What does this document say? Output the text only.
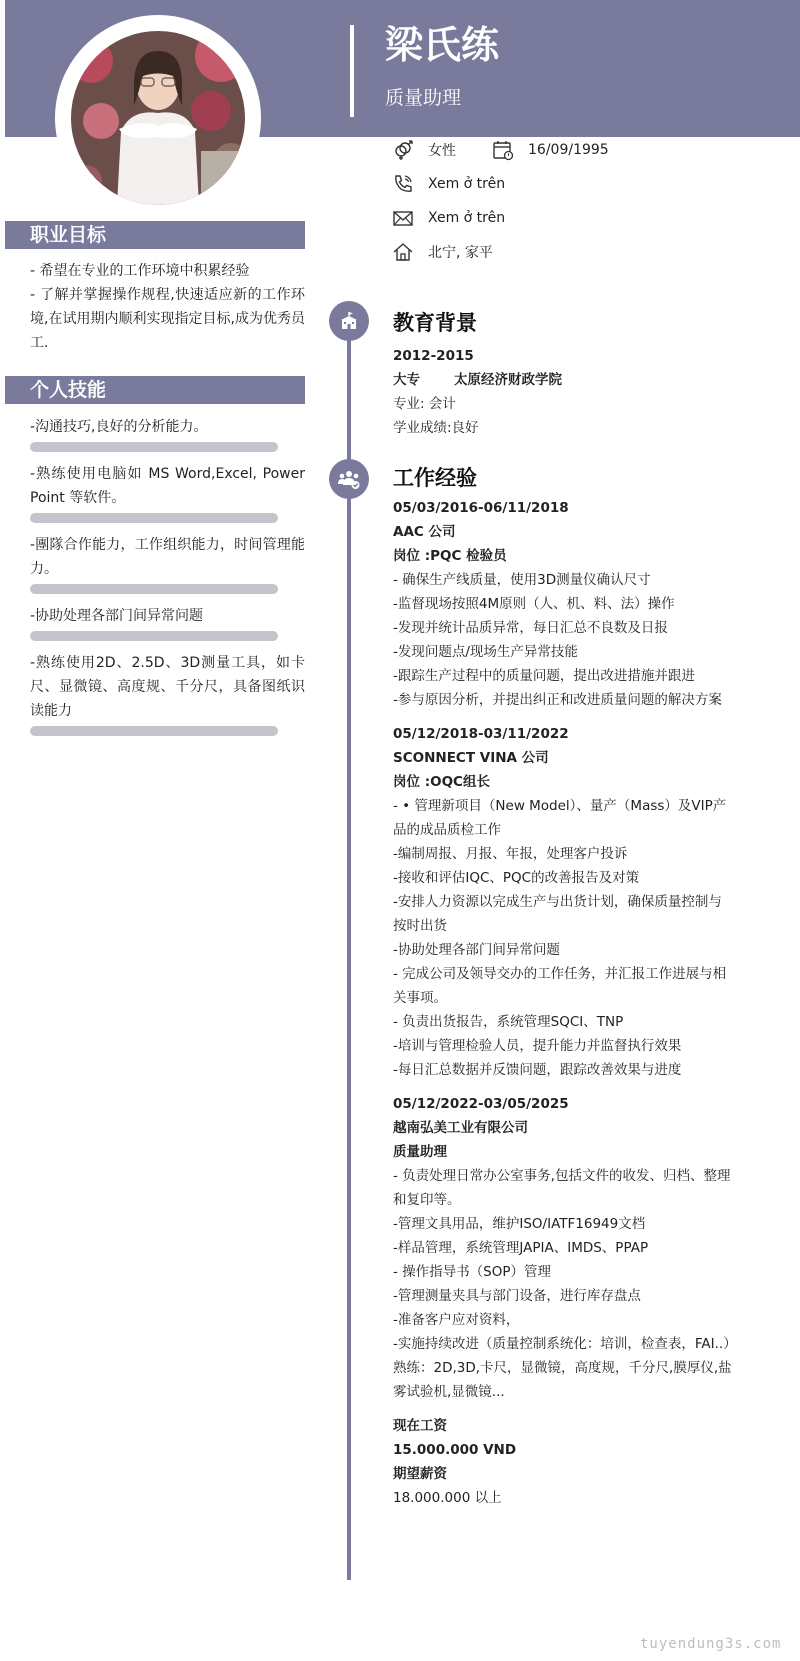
梁氏练
质量助理
女性	16/09/1995
Xem ở trên
Xem ở trên
北宁, 家平
职业目标
- 希望在专业的工作环境中积累经验
- 了解并掌握操作规程,快速适应新的工作环境,在试用期内顺利实现指定目标,成为优秀员工.
个人技能
-沟通技巧,良好的分析能力。
-熟练使用电脑如 MS Word,Excel, Power Point 等软件。
-團隊合作能力，工作组织能力，时间管理能力。
-协助处理各部门间异常问题
-熟练使用2D、2.5D、3D测量工具，如卡尺、显微镜、高度规、千分尺，具备图纸识读能力
教育背景
2012-2015
大专	太原经济财政学院
专业: 会计
学业成绩:良好
工作经验
05/03/2016-06/11/2018
AAC 公司
岗位 :PQC 检验员
- 确保生产线质量，使用3D测量仪确认尺寸
-监督现场按照4M原则（人、机、料、法）操作
-发现并统计品质异常，每日汇总不良数及日报
-发现问题点/现场生产异常技能
-跟踪生产过程中的质量问题，提出改进措施并跟进
-参与原因分析，并提出纠正和改进质量问题的解决方案
05/12/2018-03/11/2022
SCONNECT VINA 公司
岗位 :OQC组长
- • 管理新项目（New Model）、量产（Mass）及VIP产品的成品质检工作
-编制周报、月报、年报，处理客户投诉
-接收和评估IQC、PQC的改善报告及对策
-安排人力资源以完成生产与出货计划，确保质量控制与按时出货
-协助处理各部门间异常问题
- 完成公司及领导交办的工作任务，并汇报工作进展与相关事项。
- 负责出货报告，系统管理SQCI、TNP
-培训与管理检验人员，提升能力并监督执行效果
-每日汇总数据并反馈问题，跟踪改善效果与进度
05/12/2022-03/05/2025
越南弘美工业有限公司
质量助理
- 负责处理日常办公室事务,包括文件的收发、归档、整理和复印等。
-管理文具用品，维护ISO/IATF16949文档
-样品管理，系统管理JAPIA、IMDS、PPAP
- 操作指导书（SOP）管理
-管理测量夹具与部门设备，进行库存盘点
-准备客户应对资料，
-实施持续改进（质量控制系统化：培训，检查表，FAI..）
熟练：2D,3D,卡尺，显微镜，高度规，千分尺,膜厚仪,盐雾试验机,显微镜...
现在工资
15.000.000 VND
期望薪资
18.000.000 以上
tuyendung3s.com
